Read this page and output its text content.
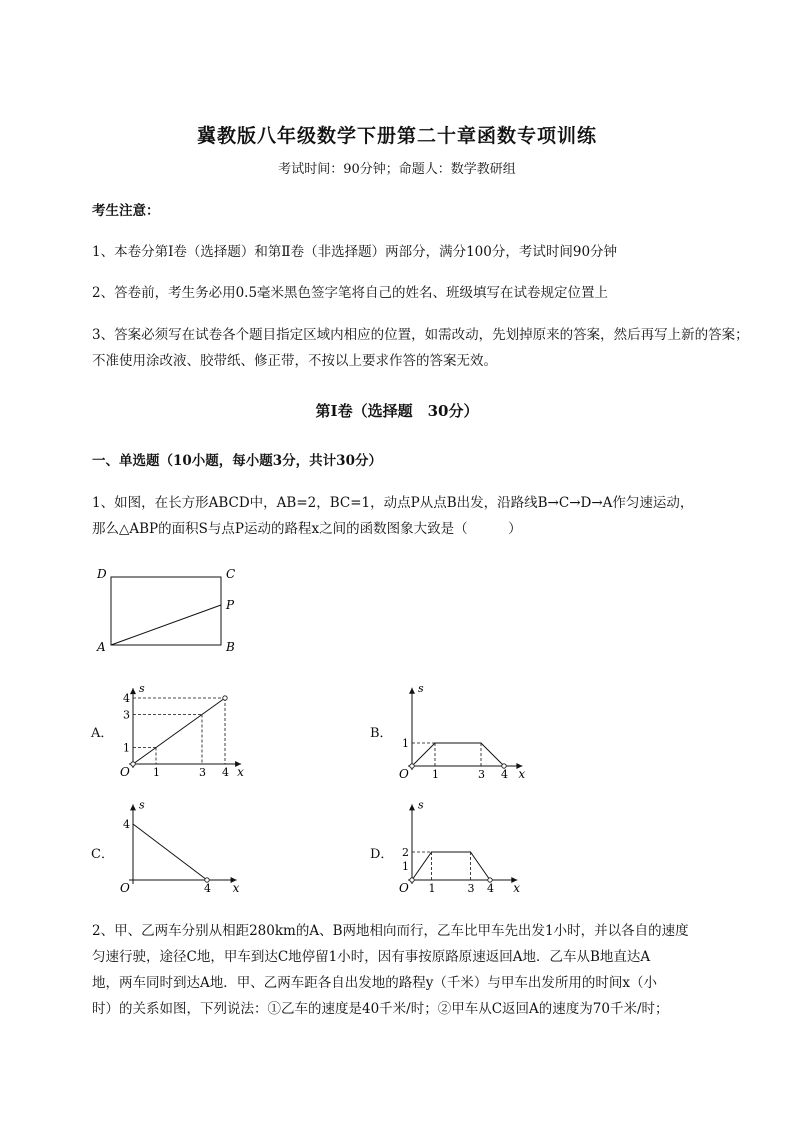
冀教版八年级数学下册第二十章函数专项训练
考试时间：90分钟；命题人：数学教研组
考生注意：
1、本卷分第Ⅰ卷（选择题）和第Ⅱ卷（非选择题）两部分，满分100分，考试时间90分钟
2、答卷前，考生务必用0.5毫米黑色签字笔将自己的姓名、班级填写在试卷规定位置上
3、答案必须写在试卷各个题目指定区域内相应的位置，如需改动，先划掉原来的答案，然后再写上新的答案；不准使用涂改液、胶带纸、修正带，不按以上要求作答的答案无效。
第Ⅰ卷（选择题　30分）
一、单选题（10小题，每小题3分，共计30分）
1、如图，在长方形ABCD中，AB=2，BC=1，动点P从点B出发，沿路线B→C→D→A作匀速运动，
那么△ABP的面积S与点P运动的路程x之间的函数图象大致是（　　　）
D	C
P
A	B
A．	B．
C．	D．
x
s
O 1	3 4
1
3
4
x
s
O 1	3 4
1
x
s
O	4
4
x
s
O 1	3 4
1
2
2、甲、乙两车分别从相距280km的A、B两地相向而行，乙车比甲车先出发1小时，并以各自的速度
匀速行驶，途径C地，甲车到达C地停留1小时，因有事按原路原速返回A地．乙车从B地直达A
地，两车同时到达A地．甲、乙两车距各自出发地的路程y（千米）与甲车出发所用的时间x（小
时）的关系如图，下列说法：①乙车的速度是40千米/时；②甲车从C返回A的速度为70千米/时；
